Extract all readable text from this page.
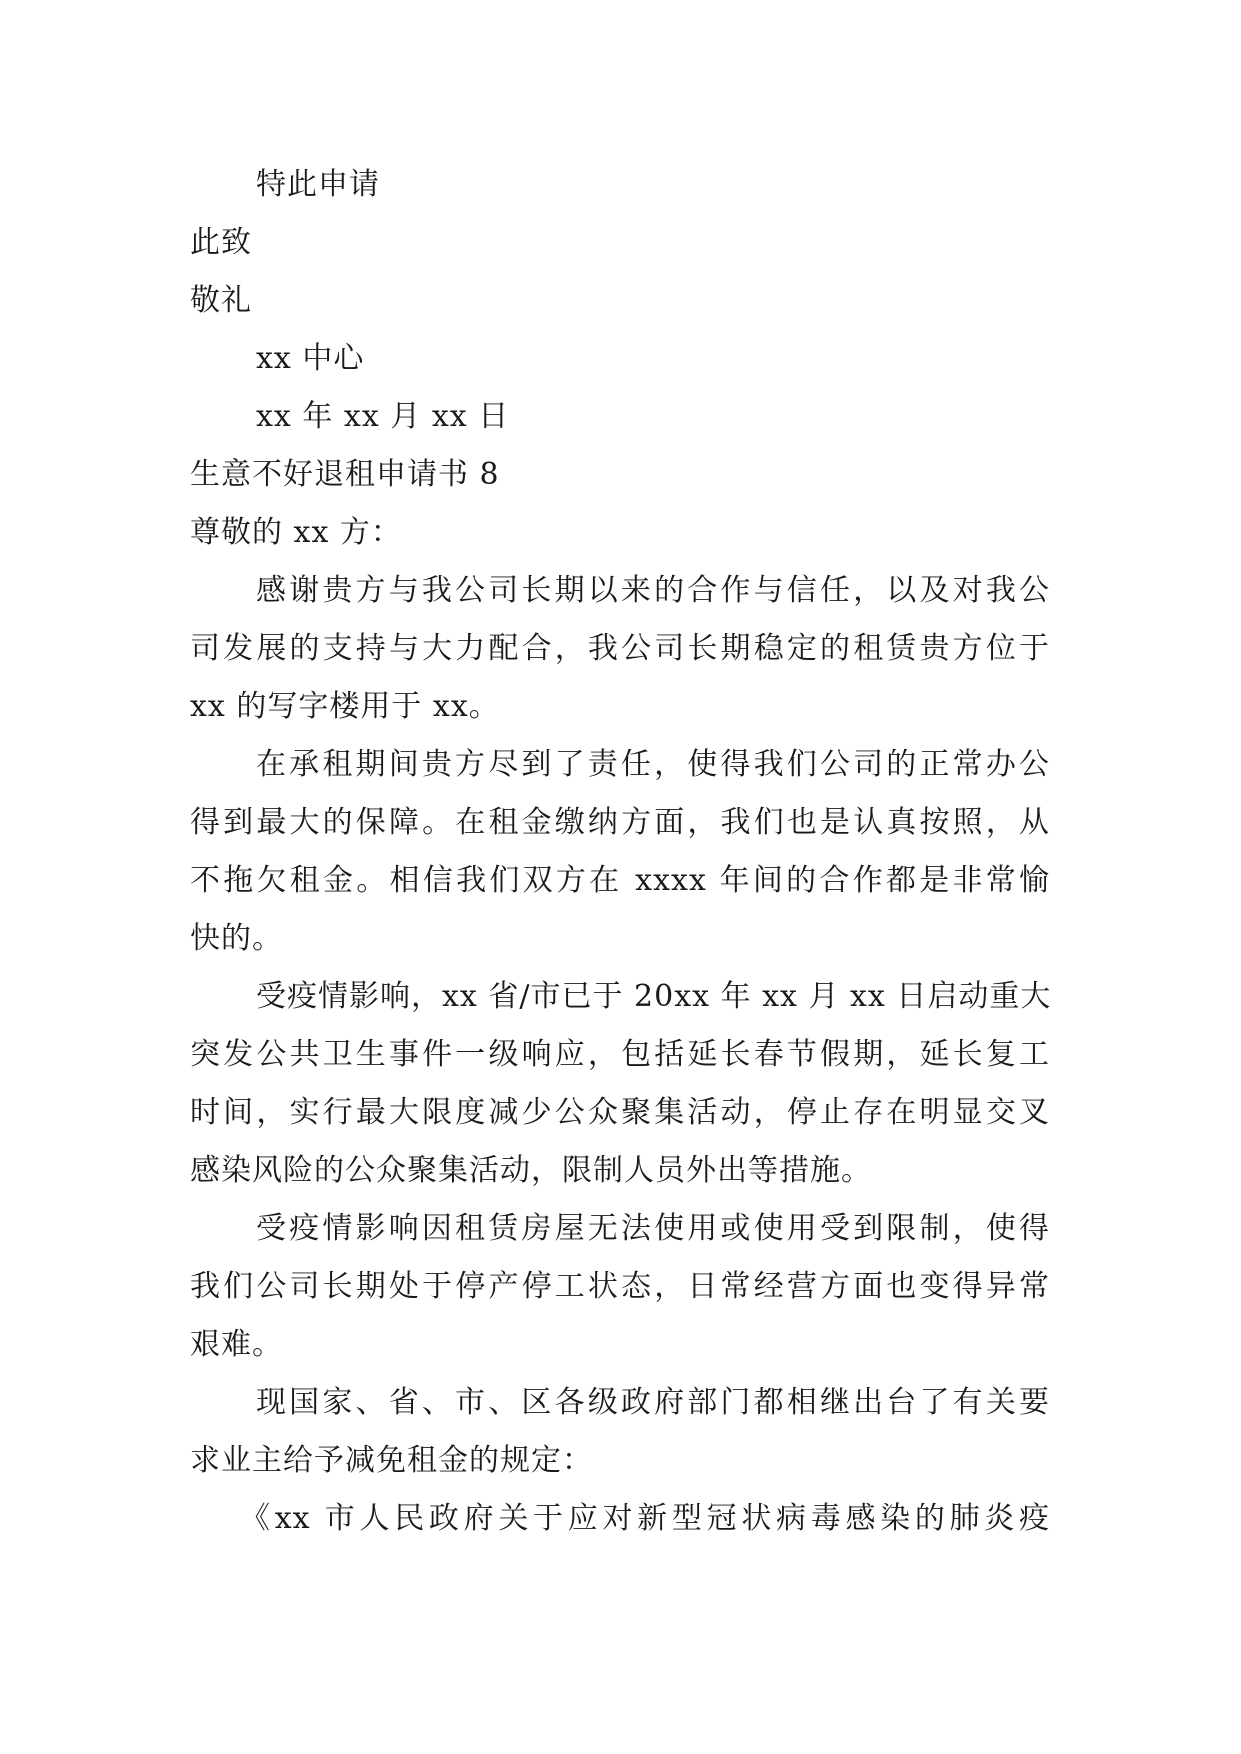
特此申请
此致
敬礼
xx 中心
xx 年 xx 月 xx 日
生意不好退租申请书 8
尊敬的 xx 方：
感谢贵方与我公司长期以来的合作与信任，以及对我公
司发展的支持与大力配合，我公司长期稳定的租赁贵方位于
xx 的写字楼用于 xx。
在承租期间贵方尽到了责任，使得我们公司的正常办公
得到最大的保障。在租金缴纳方面，我们也是认真按照，从
不拖欠租金。相信我们双方在 xxxx 年间的合作都是非常愉
快的。
受疫情影响，xx 省/市已于 20xx 年 xx 月 xx 日启动重大
突发公共卫生事件一级响应，包括延长春节假期，延长复工
时间，实行最大限度减少公众聚集活动，停止存在明显交叉
感染风险的公众聚集活动，限制人员外出等措施。
受疫情影响因租赁房屋无法使用或使用受到限制，使得
我们公司长期处于停产停工状态，日常经营方面也变得异常
艰难。
现国家、省、市、区各级政府部门都相继出台了有关要
求业主给予减免租金的规定：
《xx 市人民政府关于应对新型冠状病毒感染的肺炎疫
